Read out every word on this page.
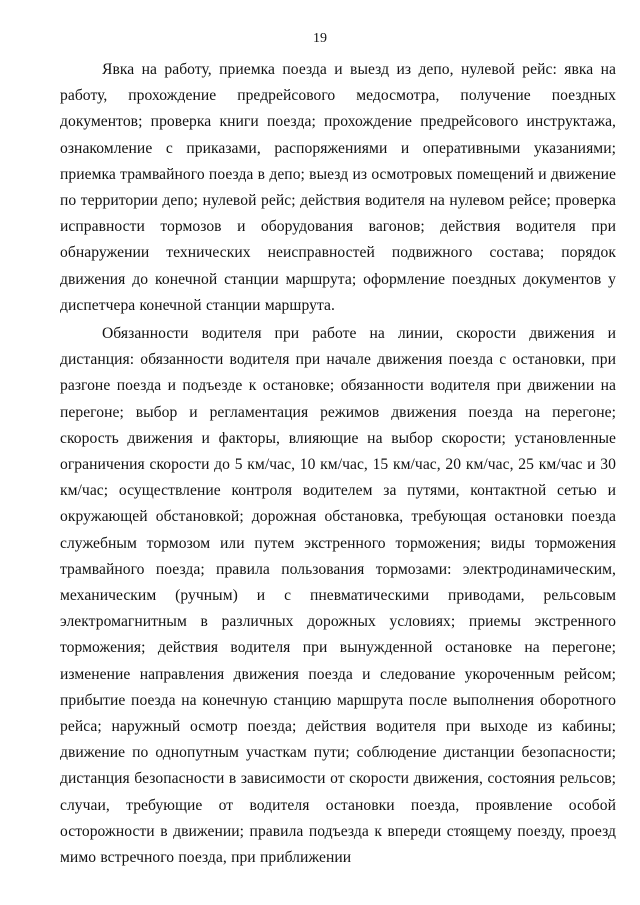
19

Явка на работу, приемка поезда и выезд из депо, нулевой рейс: явка на работу, прохождение предрейсового медосмотра, получение поездных документов; проверка книги поезда; прохождение предрейсового инструктажа, ознакомление с приказами, распоряжениями и оперативными указаниями; приемка трамвайного поезда в депо; выезд из осмотровых помещений и движение по территории депо; нулевой рейс; действия водителя на нулевом рейсе; проверка исправности тормозов и оборудования вагонов; действия водителя при обнаружении технических неисправностей подвижного состава; порядок движения до конечной станции маршрута; оформление поездных документов у диспетчера конечной станции маршрута.

Обязанности водителя при работе на линии, скорости движения и дистанция: обязанности водителя при начале движения поезда с остановки, при разгоне поезда и подъезде к остановке; обязанности водителя при движении на перегоне; выбор и регламентация режимов движения поезда на перегоне; скорость движения и факторы, влияющие на выбор скорости; установленные ограничения скорости до 5 км/час, 10 км/час, 15 км/час, 20 км/час, 25 км/час и 30 км/час; осуществление контроля водителем за путями, контактной сетью и окружающей обстановкой; дорожная обстановка, требующая остановки поезда служебным тормозом или путем экстренного торможения; виды торможения трамвайного поезда; правила пользования тормозами: электродинамическим, механическим (ручным) и с пневматическими приводами, рельсовым электромагнитным в различных дорожных условиях; приемы экстренного торможения; действия водителя при вынужденной остановке на перегоне; изменение направления движения поезда и следование укороченным рейсом; прибытие поезда на конечную станцию маршрута после выполнения оборотного рейса; наружный осмотр поезда; действия водителя при выходе из кабины; движение по однопутным участкам пути; соблюдение дистанции безопасности; дистанция безопасности в зависимости от скорости движения, состояния рельсов; случаи, требующие от водителя остановки поезда, проявление особой осторожности в движении; правила подъезда к впереди стоящему поезду, проезд мимо встречного поезда, при приближении
